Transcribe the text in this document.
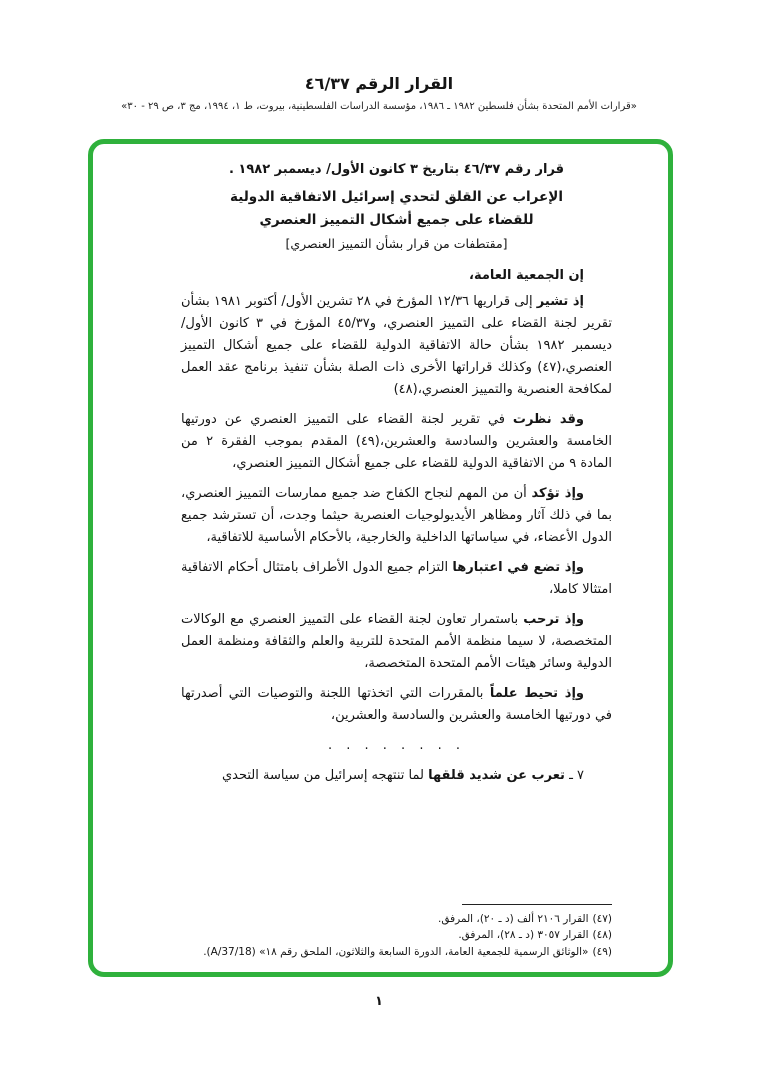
القرار الرقم ٤٦/٣٧
«قرارات الأمم المتحدة بشأن فلسطين ١٩٨٢ ـ ١٩٨٦، مؤسسة الدراسات الفلسطينية، بيروت، ط ١، ١٩٩٤، مج ٣، ص ٢٩ - ٣٠»
قرار رقم ٤٦/٣٧ بتاريخ ٣ كانون الأول/ ديسمبر ١٩٨٢ .
الإعراب عن القلق لتحدي إسرائيل الاتفاقية الدولية
للقضاء على جميع أشكال التمييز العنصري
[مقتطفات من قرار بشأن التمييز العنصري]
إن الجمعية العامة،

إذ تشير إلى قراريها ١٢/٣٦ المؤرخ في ٢٨ تشرين الأول/ أكتوبر ١٩٨١ بشأن تقرير لجنة القضاء على التمييز العنصري، و٤٥/٣٧ المؤرخ في ٣ كانون الأول/ديسمبر ١٩٨٢ بشأن حالة الاتفاقية الدولية للقضاء على جميع أشكال التمييز العنصري،(٤٧) وكذلك قراراتها الأخرى ذات الصلة بشأن تنفيذ برنامج عقد العمل لمكافحة العنصرية والتمييز العنصري،(٤٨)

وقد نظرت في تقرير لجنة القضاء على التمييز العنصري عن دورتيها الخامسة والعشرين والسادسة والعشرين،(٤٩) المقدم بموجب الفقرة ٢ من المادة ٩ من الاتفاقية الدولية للقضاء على جميع أشكال التمييز العنصري،

وإذ تؤكد أن من المهم لنجاح الكفاح ضد جميع ممارسات التمييز العنصري، بما في ذلك آثار ومظاهر الأيديولوجيات العنصرية حيثما وجدت، أن تسترشد جميع الدول الأعضاء، في سياساتها الداخلية والخارجية، بالأحكام الأساسية للاتفاقية،

وإذ تضع في اعتبارها التزام جميع الدول الأطراف بامتثال أحكام الاتفاقية امتثالا كاملا،

وإذ ترحب باستمرار تعاون لجنة القضاء على التمييز العنصري مع الوكالات المتخصصة، لا سيما منظمة الأمم المتحدة للتربية والعلم والثقافة ومنظمة العمل الدولية وسائر هيئات الأمم المتحدة المتخصصة،

وإذ تحيط علماً بالمقررات التي اتخذتها اللجنة والتوصيات التي أصدرتها في دورتيها الخامسة والعشرين والسادسة والعشرين،

. . . . . . . .

٧ ـ تعرب عن شديد قلقها لما تنتهجه إسرائيل من سياسة التحدي

(٤٧)القرار ٢١٠٦ ألف (د ـ ٢٠)، المرفق.
(٤٨)القرار ٣٠٥٧ (د ـ ٢٨)، المرفق.
(٤٩)«الوثائق الرسمية للجمعية العامة، الدورة السابعة والثلاثون، الملحق رقم ١٨» (A/37/18).
١
